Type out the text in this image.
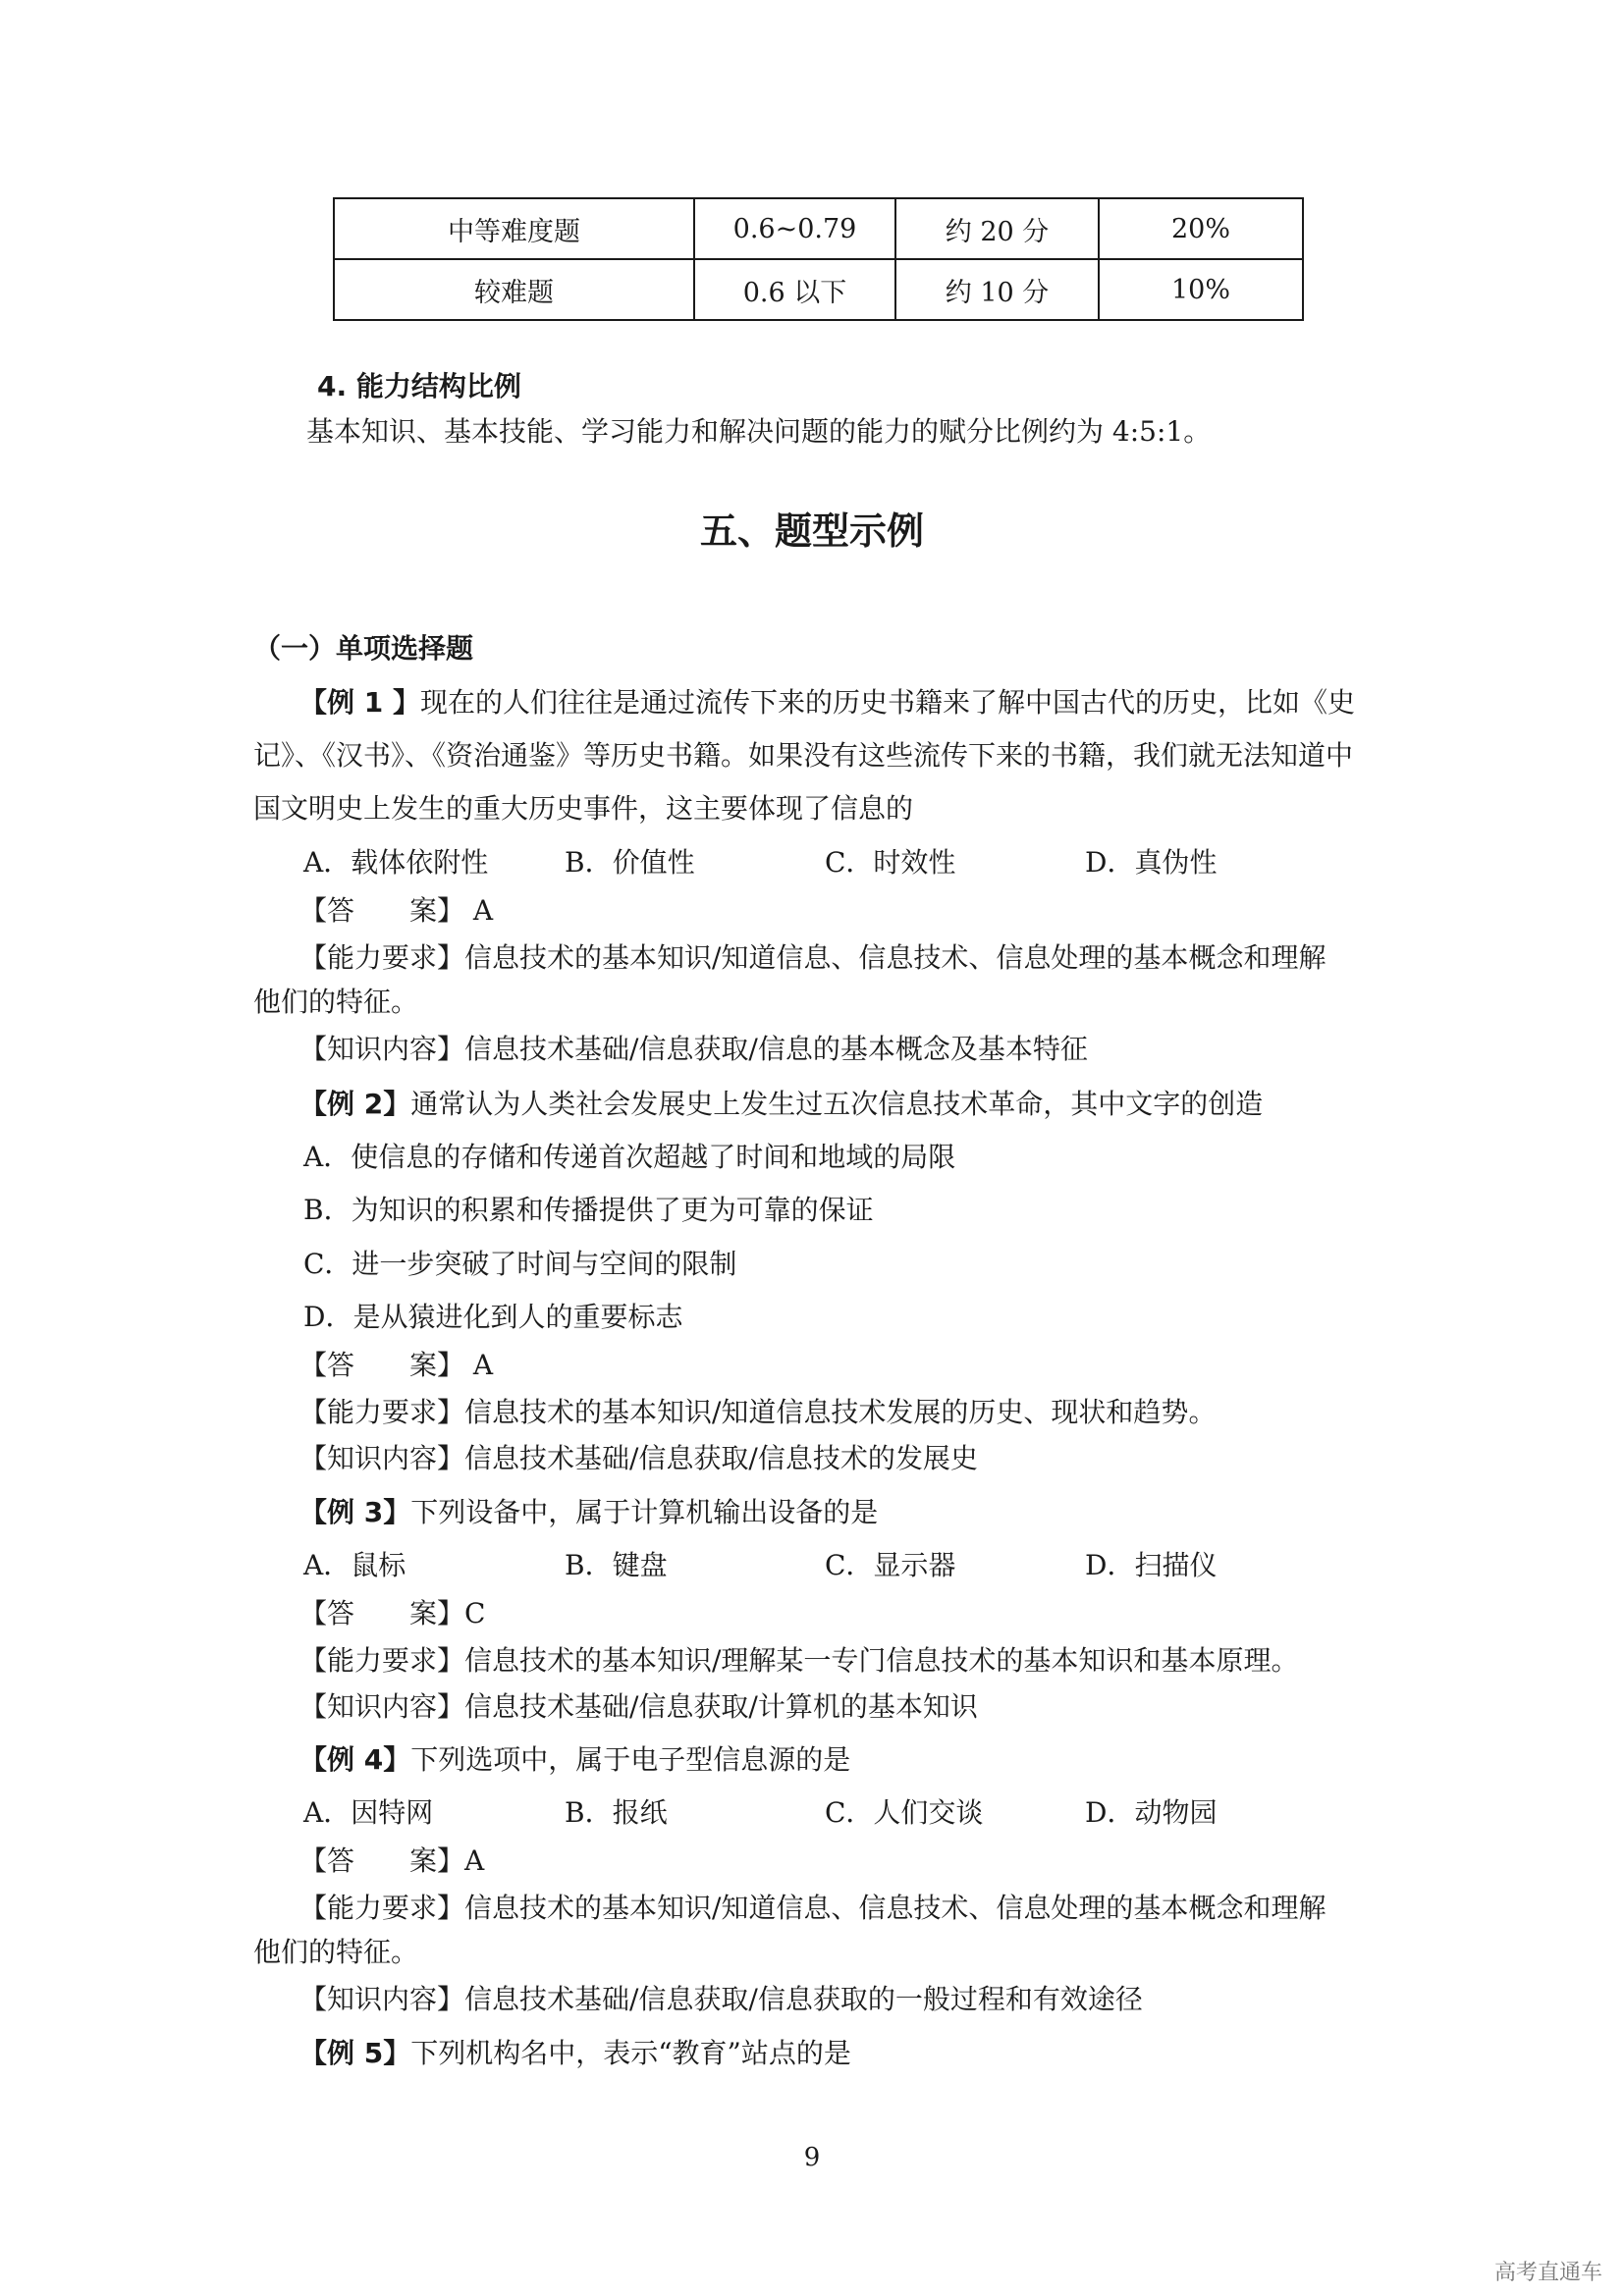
中等难度题	0.6~0.79	约 20 分	20%
较难题	0.6 以下	约 10 分	10%
4. 能力结构比例
基本知识、基本技能、学习能力和解决问题的能力的赋分比例约为 4:5:1。
五、题型示例
（一）单项选择题
【例 1 】现在的人们往往是通过流传下来的历史书籍来了解中国古代的历史，比如《史
记》、《汉书》、《资治通鉴》等历史书籍。如果没有这些流传下来的书籍，我们就无法知道中
国文明史上发生的重大历史事件，这主要体现了信息的
A．载体依附性	B．价值性	C．时效性	D．真伪性
【答　　案】 A
【能力要求】信息技术的基本知识/知道信息、信息技术、信息处理的基本概念和理解
他们的特征。
【知识内容】信息技术基础/信息获取/信息的基本概念及基本特征
【例 2】通常认为人类社会发展史上发生过五次信息技术革命，其中文字的创造
A．使信息的存储和传递首次超越了时间和地域的局限
B．为知识的积累和传播提供了更为可靠的保证
C．进一步突破了时间与空间的限制
D．是从猿进化到人的重要标志
【答　　案】 A
【能力要求】信息技术的基本知识/知道信息技术发展的历史、现状和趋势。
【知识内容】信息技术基础/信息获取/信息技术的发展史
【例 3】下列设备中，属于计算机输出设备的是
A．鼠标	B．键盘	C．显示器	D．扫描仪
【答　　案】C
【能力要求】信息技术的基本知识/理解某一专门信息技术的基本知识和基本原理。
【知识内容】信息技术基础/信息获取/计算机的基本知识
【例 4】下列选项中，属于电子型信息源的是
A．因特网	B．报纸	C．人们交谈	D．动物园
【答　　案】A
【能力要求】信息技术的基本知识/知道信息、信息技术、信息处理的基本概念和理解
他们的特征。
【知识内容】信息技术基础/信息获取/信息获取的一般过程和有效途径
【例 5】下列机构名中，表示“教育”站点的是
9
高考直通车
